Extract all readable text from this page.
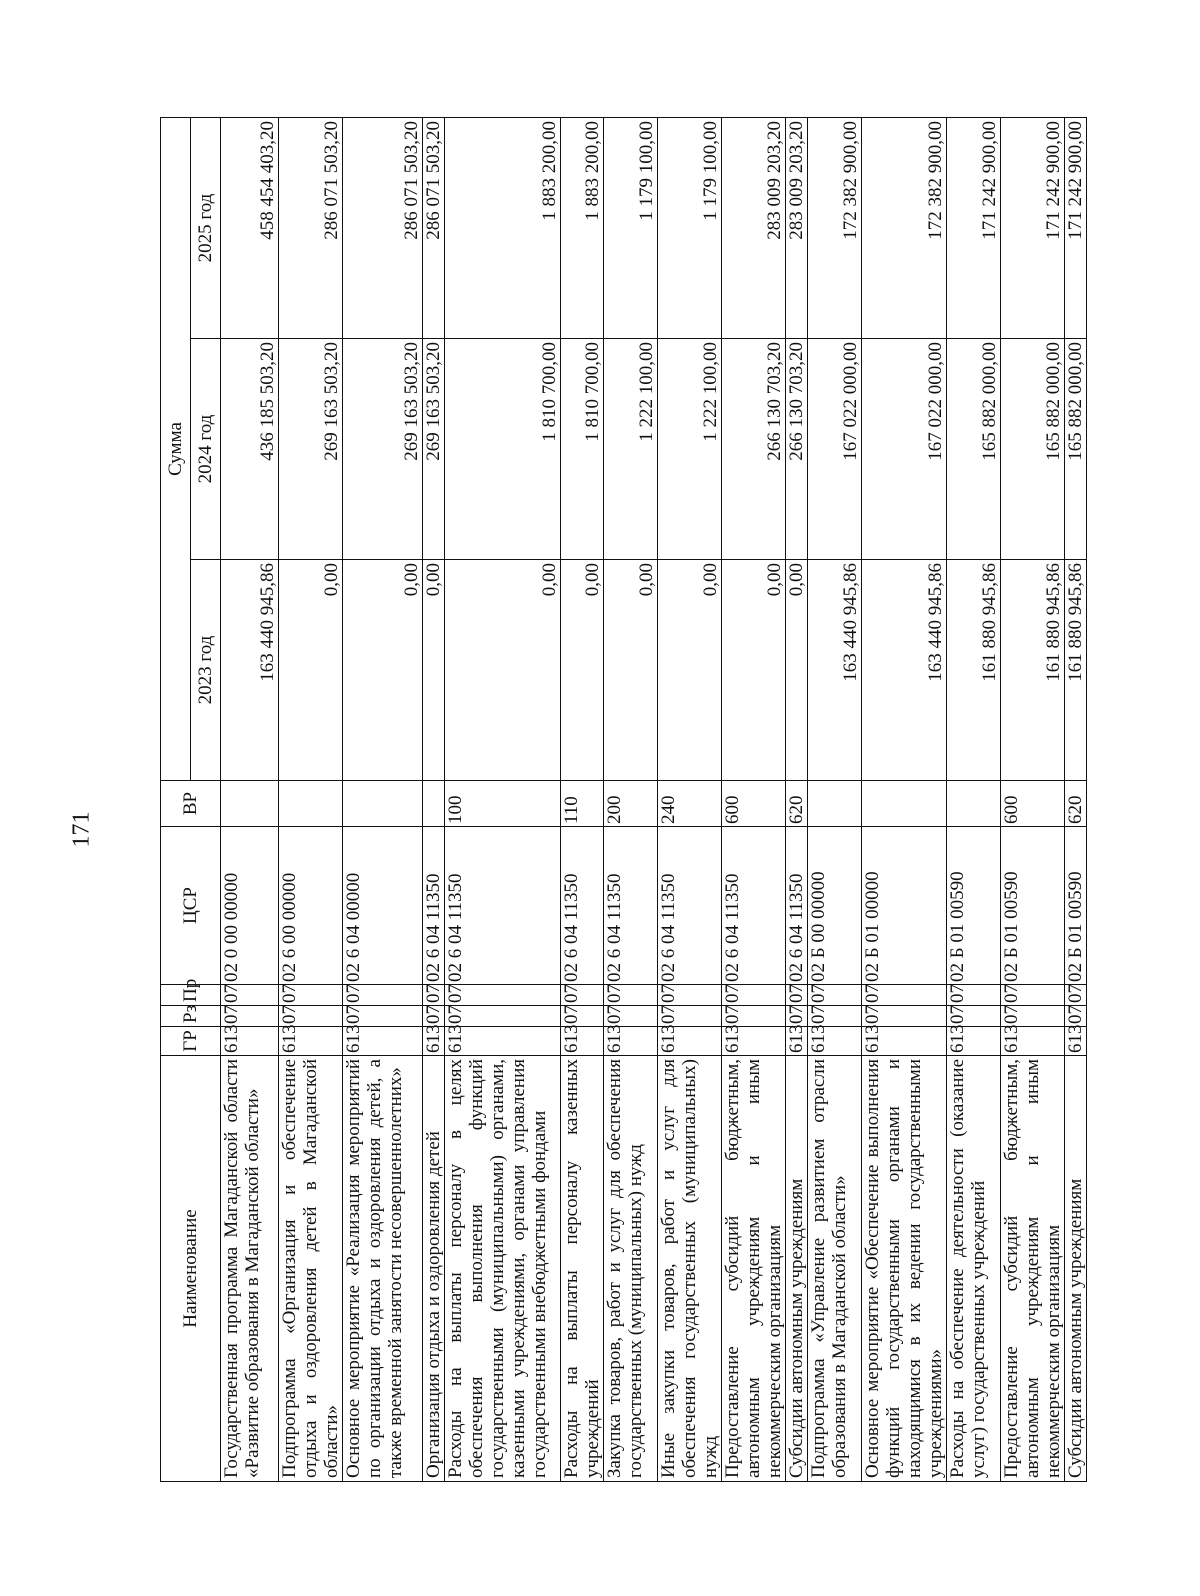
171
Наименование	ГР	Рз	Пр	ЦСР	ВР	Сумма		
						2023 год	2024 год	2025 год
Государственная программа Магаданской области «Развитие образования в Магаданской области»	613	07	07	02 0 00 00000		163 440 945,86	436 185 503,20	458 454 403,20
Подпрограмма «Организация и обеспечение отдыха и оздоровления детей в Магаданской области»	613	07	07	02 6 00 00000		0,00	269 163 503,20	286 071 503,20
Основное мероприятие «Реализация мероприятий по организации отдыха и оздоровления детей, а также временной занятости несовершеннолетних»	613	07	07	02 6 04 00000		0,00	269 163 503,20	286 071 503,20
Организация отдыха и оздоровления детей	613	07	07	02 6 04 11350		0,00	269 163 503,20	286 071 503,20
Расходы на выплаты персоналу в целях обеспечения выполнения функций государственными (муниципальными) органами, казенными учреждениями, органами управления государственными внебюджетными фондами	613	07	07	02 6 04 11350	100	0,00	1 810 700,00	1 883 200,00
Расходы на выплаты персоналу казенных учреждений	613	07	07	02 6 04 11350	110	0,00	1 810 700,00	1 883 200,00
Закупка товаров, работ и услуг для обеспечения государственных (муниципальных) нужд	613	07	07	02 6 04 11350	200	0,00	1 222 100,00	1 179 100,00
Иные закупки товаров, работ и услуг для обеспечения государственных (муниципальных) нужд	613	07	07	02 6 04 11350	240	0,00	1 222 100,00	1 179 100,00
Предоставление субсидий бюджетным, автономным учреждениям и иным некоммерческим организациям	613	07	07	02 6 04 11350	600	0,00	266 130 703,20	283 009 203,20
Субсидии автономным учреждениям	613	07	07	02 6 04 11350	620	0,00	266 130 703,20	283 009 203,20
Подпрограмма «Управление развитием отрасли образования в Магаданской области»	613	07	07	02 Б 00 00000		163 440 945,86	167 022 000,00	172 382 900,00
Основное мероприятие «Обеспечение выполнения функций государственными органами и находящимися в их ведении государственными учреждениями»	613	07	07	02 Б 01 00000		163 440 945,86	167 022 000,00	172 382 900,00
Расходы на обеспечение деятельности (оказание услуг) государственных учреждений	613	07	07	02 Б 01 00590		161 880 945,86	165 882 000,00	171 242 900,00
Предоставление субсидий бюджетным, автономным учреждениям и иным некоммерческим организациям	613	07	07	02 Б 01 00590	600	161 880 945,86	165 882 000,00	171 242 900,00
Субсидии автономным учреждениям	613	07	07	02 Б 01 00590	620	161 880 945,86	165 882 000,00	171 242 900,00
